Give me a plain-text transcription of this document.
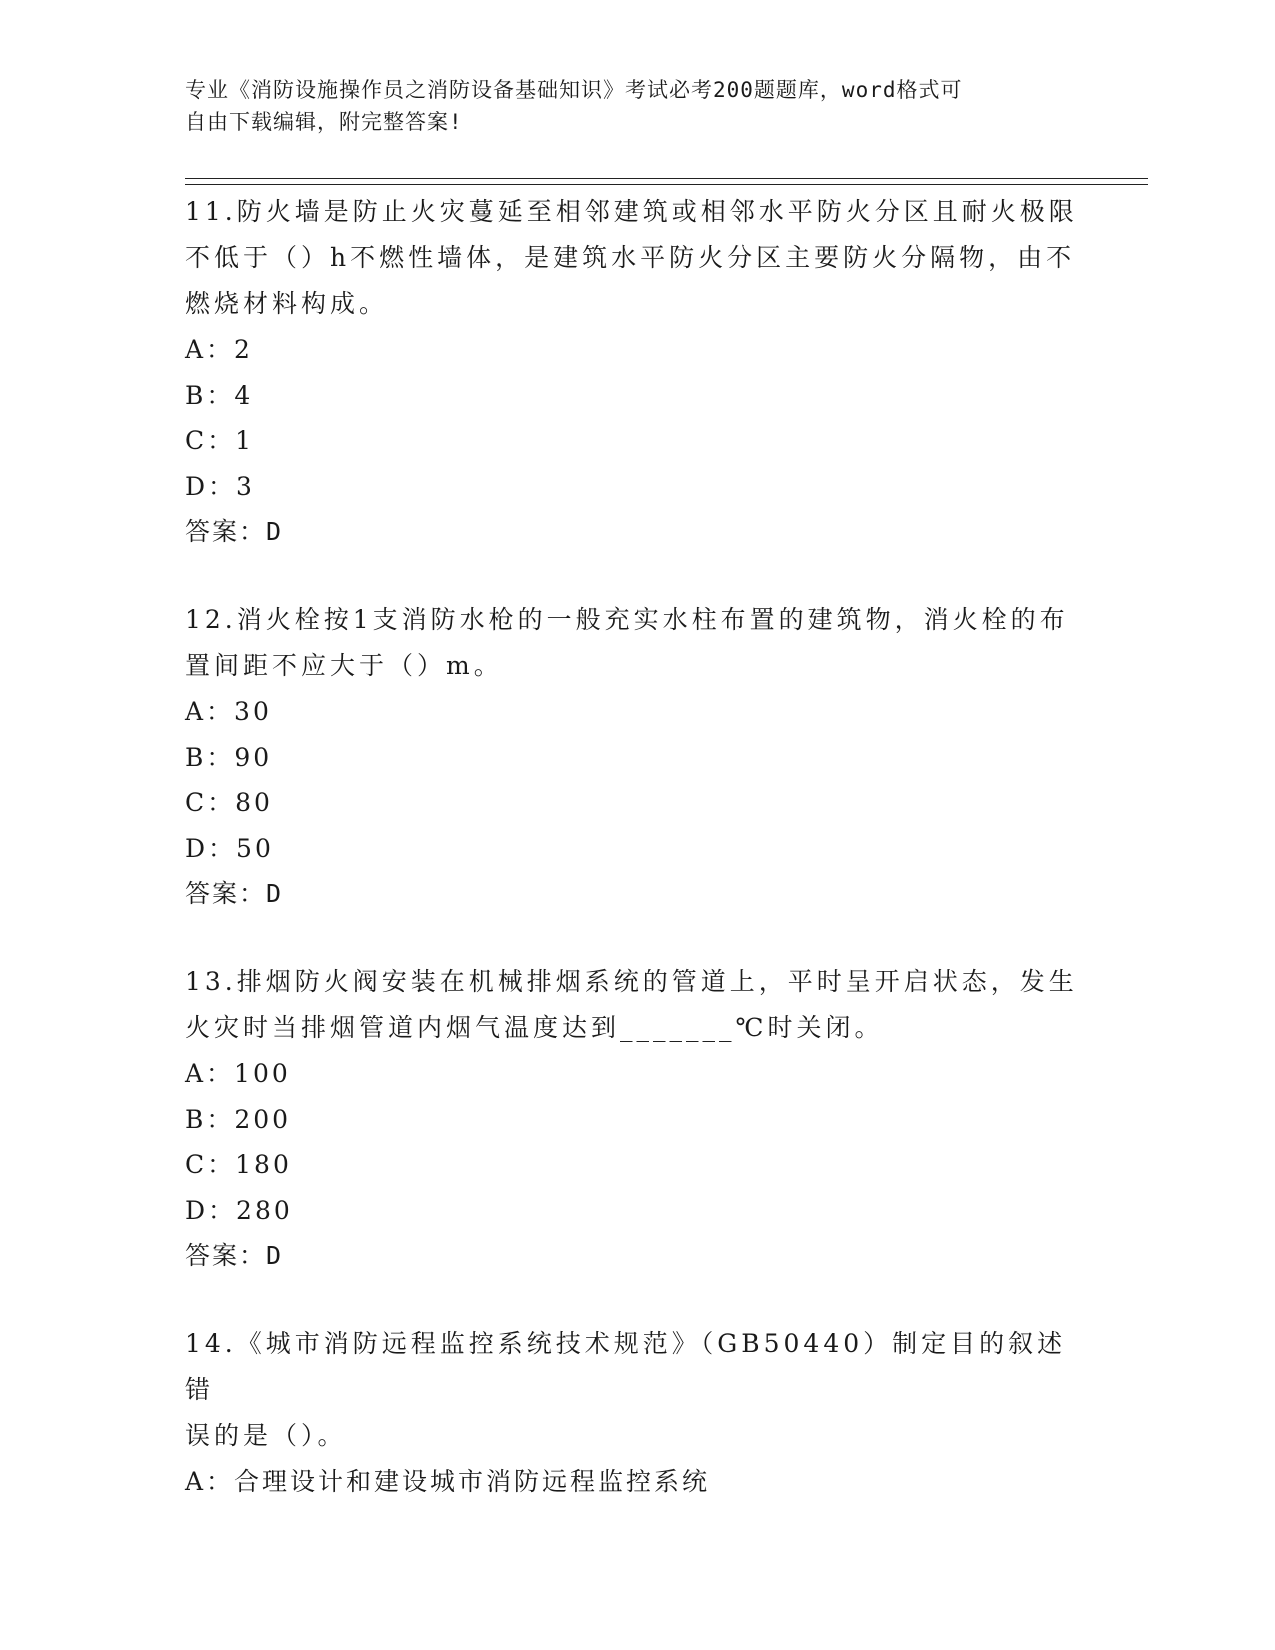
专业《消防设施操作员之消防设备基础知识》考试必考200题题库，word格式可
自由下载编辑，附完整答案!
11.防火墙是防止火灾蔓延至相邻建筑或相邻水平防火分区且耐火极限
不低于（）h不燃性墙体，是建筑水平防火分区主要防火分隔物，由不
燃烧材料构成。
A：2
B：4
C：1
D：3
答案：D
12.消火栓按1支消防水枪的一般充实水柱布置的建筑物，消火栓的布
置间距不应大于（）m。
A：30
B：90
C：80
D：50
答案：D
13.排烟防火阀安装在机械排烟系统的管道上，平时呈开启状态，发生
火灾时当排烟管道内烟气温度达到_______℃时关闭。
A：100
B：200
C：180
D：280
答案：D
14.《城市消防远程监控系统技术规范》（GB50440）制定目的叙述错
误的是（）。
A：合理设计和建设城市消防远程监控系统
